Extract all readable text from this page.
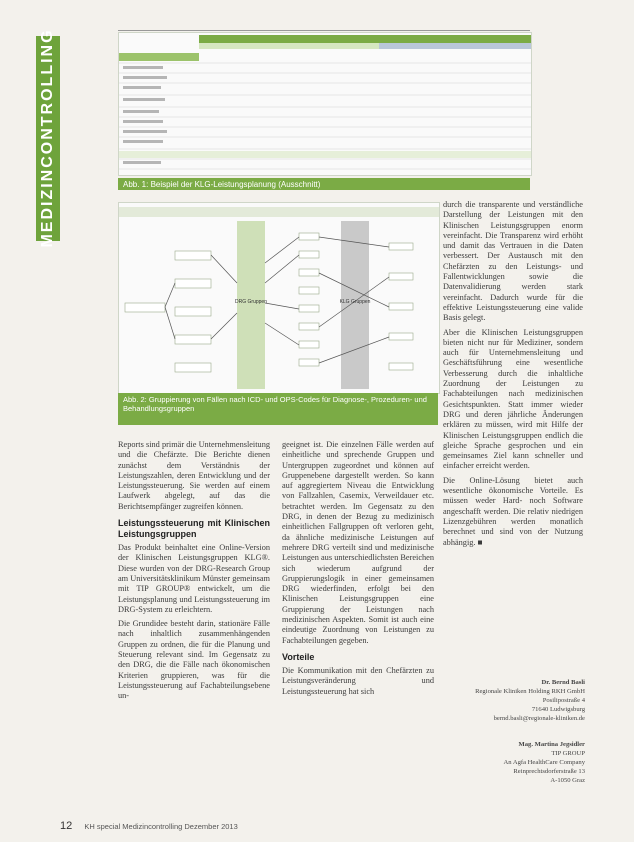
MEDIZINCONTROLLING	Abb. 1: Beispiel der KLG-Leistungsplanung (Ausschnitt)
DRG Gruppen	KLG Gruppen
Abb. 2: Gruppierung von Fällen nach ICD- und OPS-Codes für Diagnose-, Prozeduren- und Behandlungsgruppen

Reports sind primär die Unternehmensleitung und die Chefärzte. Die Berichte dienen zunächst dem Verständnis der Leistungszahlen, deren Entwicklung und der Leistungssteuerung. Sie werden auf einem Laufwerk abgelegt, auf das die Berichtsempfänger zugreifen können.

Leistungssteuerung mit Klinischen Leistungsgruppen

Das Produkt beinhaltet eine Online-Version der Klinischen Leistungsgruppen KLG®. Diese wurden von der DRG-Research Group am Universitätsklinikum Münster gemeinsam mit TIP GROUP® entwickelt, um die Leistungsplanung und Leistungssteuerung im DRG-System zu erleichtern.

Die Grundidee besteht darin, stationäre Fälle nach inhaltlich zusammenhängenden Gruppen zu ordnen, die für die Planung und Steuerung relevant sind. Im Gegensatz zu den DRG, die die Fälle nach ökonomischen Kriterien gruppieren, was für die Leistungssteuerung auf Fachabteilungsebene un-

geeignet ist. Die einzelnen Fälle werden auf einheitliche und sprechende Gruppen und Untergruppen zugeordnet und können auf Gruppenebene dargestellt werden. So kann auf aggregiertem Niveau die Entwicklung von Fallzahlen, Casemix, Verweildauer etc. betrachtet werden. Im Gegensatz zu den DRG, in denen der Bezug zu medizinisch einheitlichen Fallgruppen oft verloren geht, da ähnliche medizinische Leistungen auf mehrere DRG verteilt sind und medizinische Leistungen aus unterschiedlichsten Bereichen sich wiederum aufgrund der Gruppierungslogik in einer gemeinsamen DRG wiederfinden, erfolgt bei den Klinischen Leistungsgruppen eine Gruppierung der Leistungen nach medizinischen Aspekten. Somit ist auch eine eindeutige Zuordnung von Leistungen zu Fachabteilungen gegeben.

Vorteile

Die Kommunikation mit den Chefärzten zu Leistungsveränderung und Leistungssteuerung hat sich

durch die transparente und verständliche Darstellung der Leistungen mit den Klinischen Leistungsgruppen enorm vereinfacht. Die Transparenz wird erhöht und damit das Vertrauen in die Daten verbessert. Der Austausch mit den Chefärzten zu den Leistungs- und Fallentwicklungen sowie die Datenvalidierung werden stark vereinfacht. Dadurch wurde für die effektive Leistungssteuerung eine valide Basis gelegt.

Aber die Klinischen Leistungsgruppen bieten nicht nur für Mediziner, sondern auch für Unternehmensleitung und Geschäftsführung eine wesentliche Verbesserung durch die inhaltliche Zuordnung der Leistungen zu Fachabteilungen nach medizinischen Gesichtspunkten. Statt immer wieder DRG und deren jährliche Änderungen erklären zu müssen, wird mit Hilfe der Klinischen Leistungsgruppen endlich die gleiche Sprache gesprochen und ein gemeinsames Ziel kann schneller und einfacher erreicht werden.

Die Online-Lösung bietet auch wesentliche ökonomische Vorteile. Es müssen weder Hard- noch Software angeschafft werden. Die relativ niedrigen Lizenzgebühren werden monatlich berechnet und sind von der Nutzung abhängig. ■

Dr. Bernd Basli
Regionale Kliniken Holding RKH GmbH
Posilipostraße 4
71640 Ludwigsburg
bernd.basli@regionale-kliniken.de
Mag. Martina Jegsidler
TIP GROUP
An Agfa HealthCare Company
Reinprechtsdorferstraße 13
A-1050 Graz
12 KH special Medizincontrolling Dezember 2013
